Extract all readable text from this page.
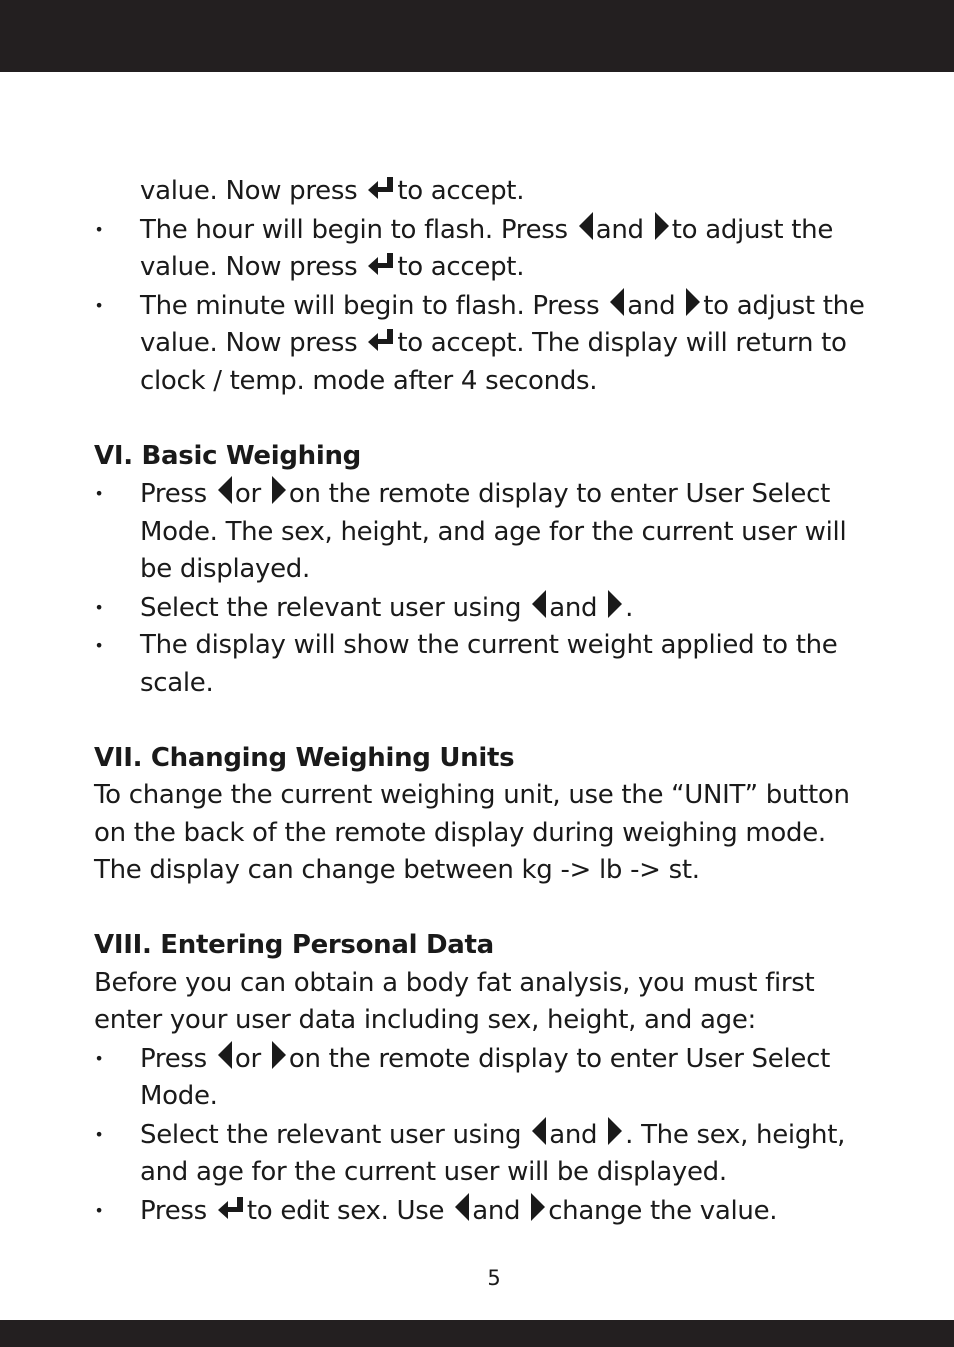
value. Now press to accept.

• The hour will begin to flash. Press and to adjust the value. Now press to accept.
• The minute will begin to flash. Press and to adjust the value. Now press to accept. The display will return to clock / temp. mode after 4 seconds.

VI. Basic Weighing

• Press or on the remote display to enter User Select Mode. The sex, height, and age for the current user will be displayed.
• Select the relevant user using and .
• The display will show the current weight applied to the scale.

VII. Changing Weighing Units

To change the current weighing unit, use the “UNIT” button on the back of the remote display during weighing mode. The display can change between kg -> lb -> st.

VIII. Entering Personal Data

Before you can obtain a body fat analysis, you must first enter your user data including sex, height, and age:

• Press or on the remote display to enter User Select Mode.
• Select the relevant user using and . The sex, height, and age for the current user will be displayed.
• Press to edit sex. Use and change the value.
5
